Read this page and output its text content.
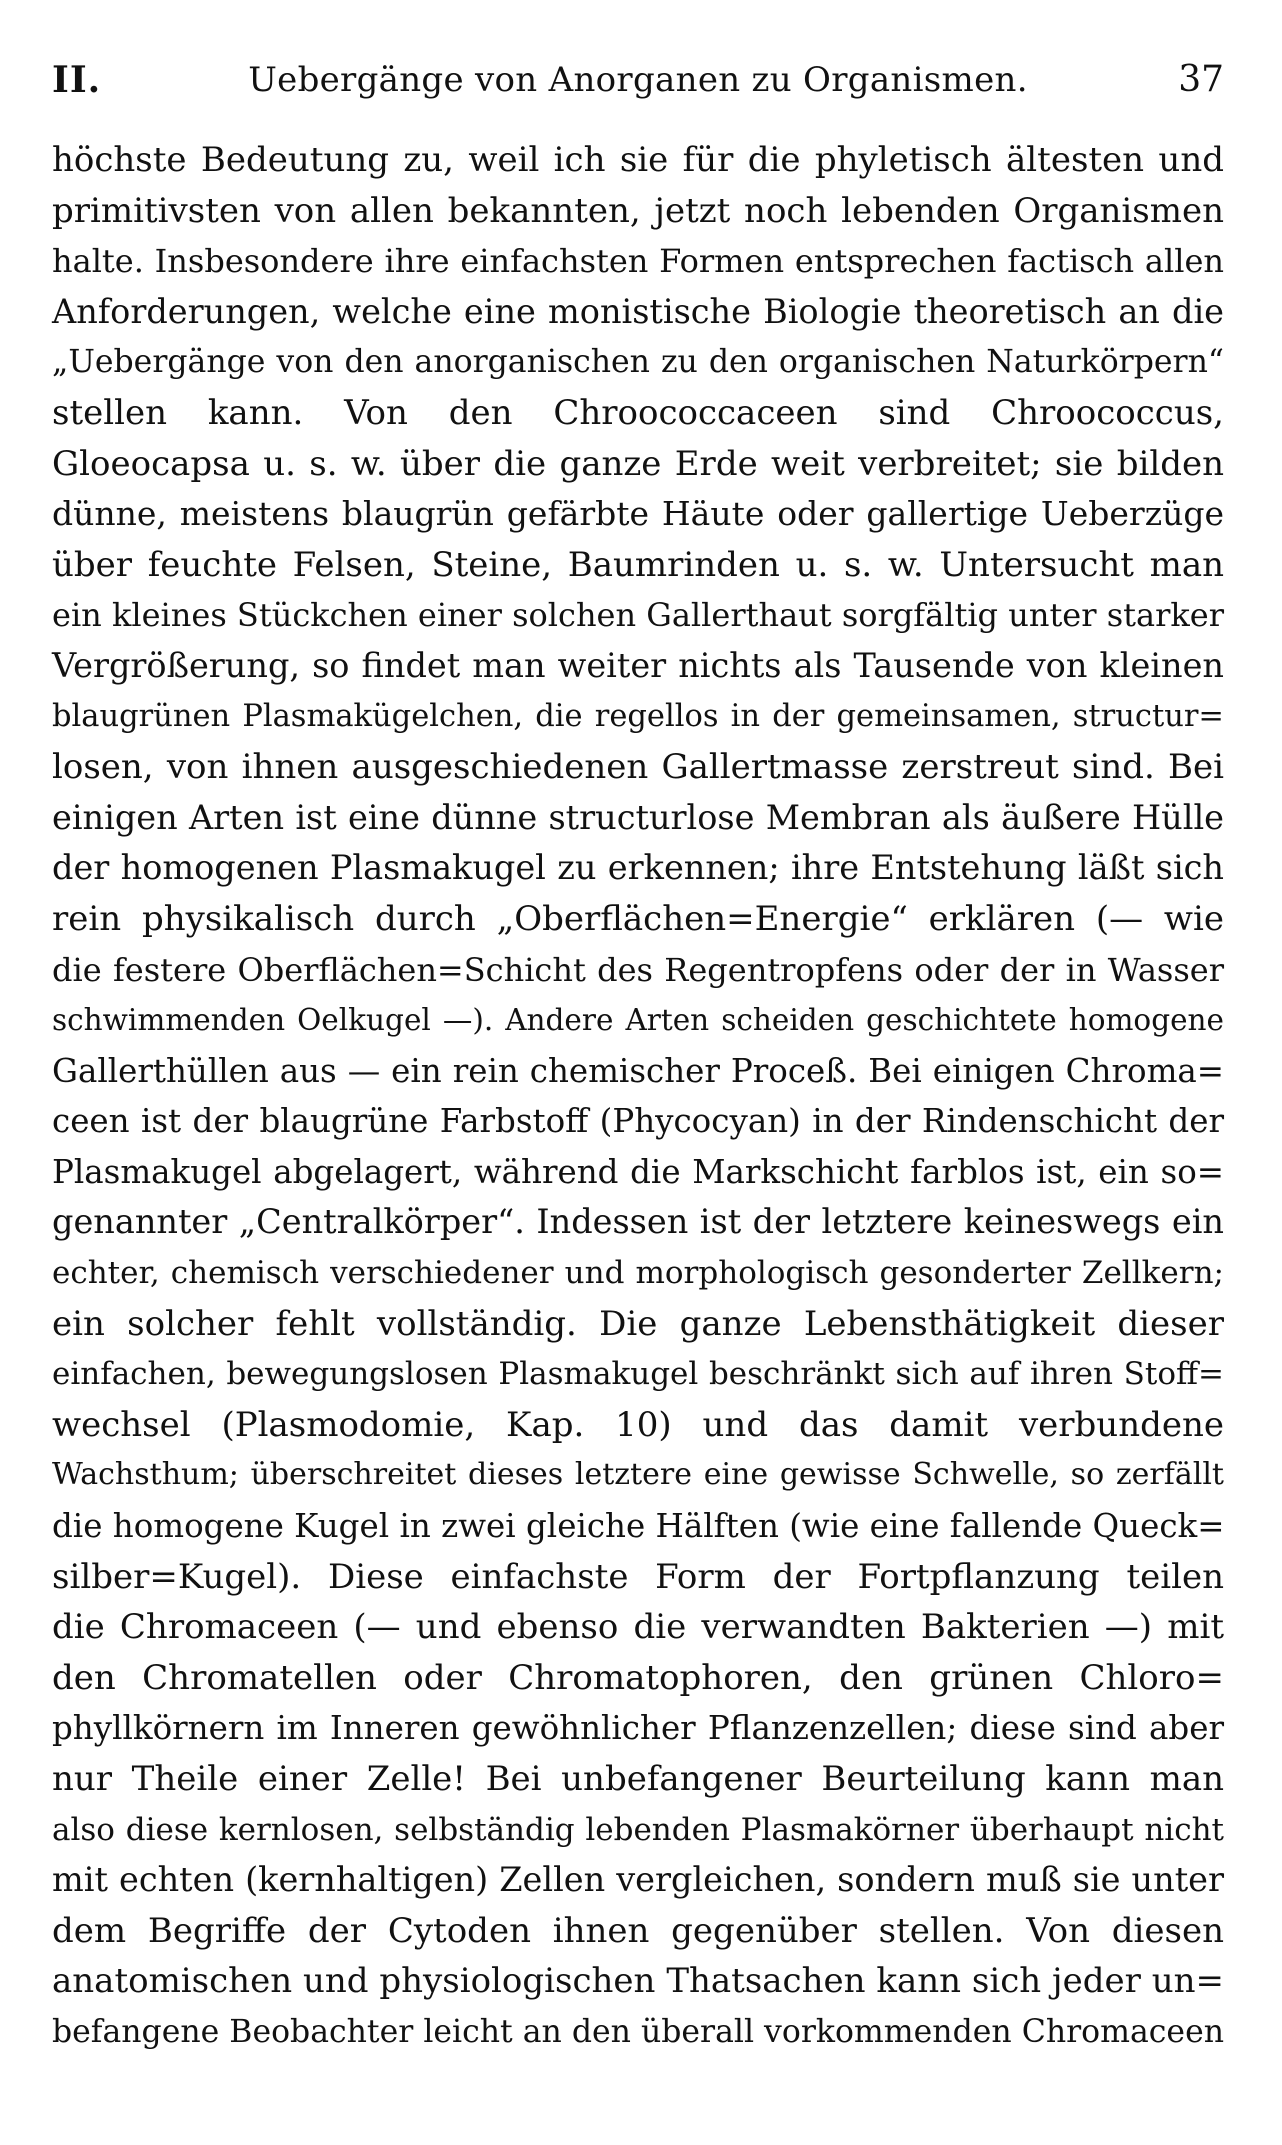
II.	Uebergänge von Anorganen zu Organismen.	37
höchste Bedeutung zu, weil ich sie für die phyletisch ältesten und
primitivsten von allen bekannten, jetzt noch lebenden Organismen
halte. Insbesondere ihre einfachsten Formen entsprechen factisch allen
Anforderungen, welche eine monistische Biologie theoretisch an die
„Uebergänge von den anorganischen zu den organischen Naturkörpern“
stellen kann. Von den Chroococcaceen sind Chroococcus,
Gloeocapsa u. s. w. über die ganze Erde weit verbreitet; sie bilden
dünne, meistens blaugrün gefärbte Häute oder gallertige Ueberzüge
über feuchte Felsen, Steine, Baumrinden u. s. w. Untersucht man
ein kleines Stückchen einer solchen Gallerthaut sorgfältig unter starker
Vergrößerung, so findet man weiter nichts als Tausende von kleinen
blaugrünen Plasmakügelchen, die regellos in der gemeinsamen, structur=
losen, von ihnen ausgeschiedenen Gallertmasse zerstreut sind. Bei
einigen Arten ist eine dünne structurlose Membran als äußere Hülle
der homogenen Plasmakugel zu erkennen; ihre Entstehung läßt sich
rein physikalisch durch „Oberflächen=Energie“ erklären (— wie
die festere Oberflächen=Schicht des Regentropfens oder der in Wasser
schwimmenden Oelkugel —). Andere Arten scheiden geschichtete homogene
Gallerthüllen aus — ein rein chemischer Proceß. Bei einigen Chroma=
ceen ist der blaugrüne Farbstoff (Phycocyan) in der Rindenschicht der
Plasmakugel abgelagert, während die Markschicht farblos ist, ein so=
genannter „Centralkörper“. Indessen ist der letztere keineswegs ein
echter, chemisch verschiedener und morphologisch gesonderter Zellkern;
ein solcher fehlt vollständig. Die ganze Lebensthätigkeit dieser
einfachen, bewegungslosen Plasmakugel beschränkt sich auf ihren Stoff=
wechsel (Plasmodomie, Kap. 10) und das damit verbundene
Wachsthum; überschreitet dieses letztere eine gewisse Schwelle, so zerfällt
die homogene Kugel in zwei gleiche Hälften (wie eine fallende Queck=
silber=Kugel). Diese einfachste Form der Fortpflanzung teilen
die Chromaceen (— und ebenso die verwandten Bakterien —) mit
den Chromatellen oder Chromatophoren, den grünen Chloro=
phyllkörnern im Inneren gewöhnlicher Pflanzenzellen; diese sind aber
nur Theile einer Zelle! Bei unbefangener Beurteilung kann man
also diese kernlosen, selbständig lebenden Plasmakörner überhaupt nicht
mit echten (kernhaltigen) Zellen vergleichen, sondern muß sie unter
dem Begriffe der Cytoden ihnen gegenüber stellen. Von diesen
anatomischen und physiologischen Thatsachen kann sich jeder un=
befangene Beobachter leicht an den überall vorkommenden Chromaceen
